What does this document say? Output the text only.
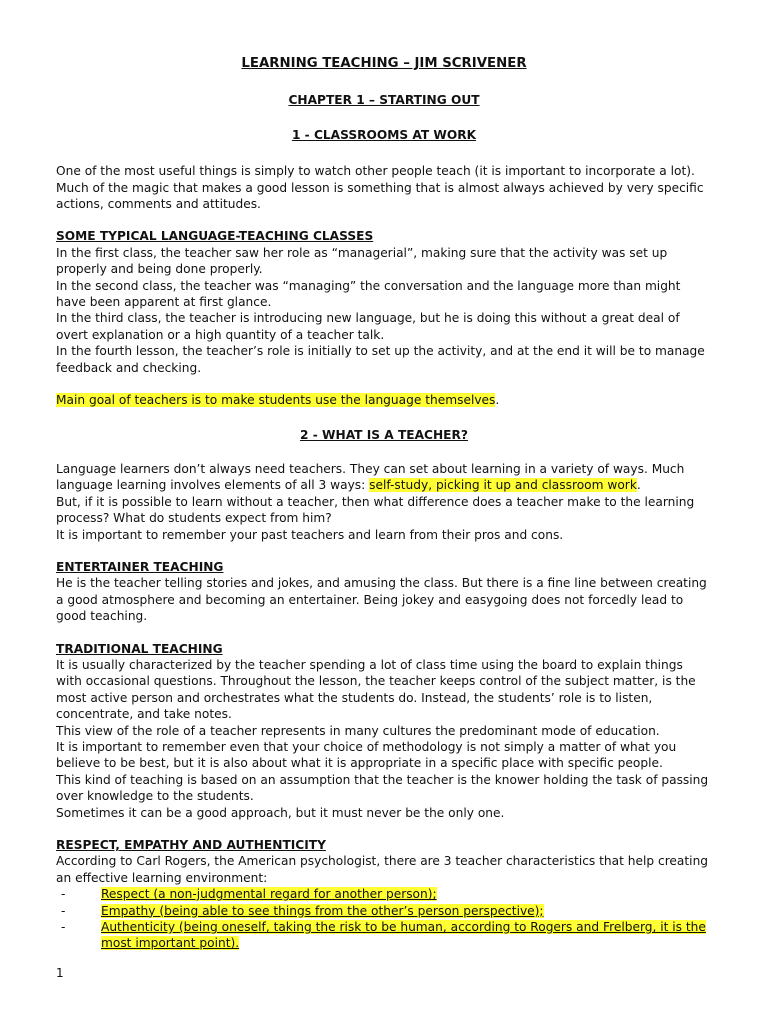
LEARNING TEACHING – JIM SCRIVENER

CHAPTER 1 – STARTING OUT

1 - CLASSROOMS AT WORK

One of the most useful things is simply to watch other people teach (it is important to incorporate a lot). Much of the magic that makes a good lesson is something that is almost always achieved by very specific actions, comments and attitudes.

SOME TYPICAL LANGUAGE-TEACHING CLASSES

In the first class, the teacher saw her role as “managerial”, making sure that the activity was set up properly and being done properly.

In the second class, the teacher was “managing” the conversation and the language more than might have been apparent at first glance.

In the third class, the teacher is introducing new language, but he is doing this without a great deal of overt explanation or a high quantity of a teacher talk.

In the fourth lesson, the teacher’s role is initially to set up the activity, and at the end it will be to manage feedback and checking.

Main goal of teachers is to make students use the language themselves.

2 - WHAT IS A TEACHER?

Language learners don’t always need teachers. They can set about learning in a variety of ways. Much language learning involves elements of all 3 ways: self-study, picking it up and classroom work.

But, if it is possible to learn without a teacher, then what difference does a teacher make to the learning process? What do students expect from him?

It is important to remember your past teachers and learn from their pros and cons.

ENTERTAINER TEACHING

He is the teacher telling stories and jokes, and amusing the class. But there is a fine line between creating a good atmosphere and becoming an entertainer. Being jokey and easygoing does not forcedly lead to good teaching.

TRADITIONAL TEACHING

It is usually characterized by the teacher spending a lot of class time using the board to explain things with occasional questions. Throughout the lesson, the teacher keeps control of the subject matter, is the most active person and orchestrates what the students do. Instead, the students’ role is to listen, concentrate, and take notes.

This view of the role of a teacher represents in many cultures the predominant mode of education.

It is important to remember even that your choice of methodology is not simply a matter of what you believe to be best, but it is also about what it is appropriate in a specific place with specific people.

This kind of teaching is based on an assumption that the teacher is the knower holding the task of passing over knowledge to the students.

Sometimes it can be a good approach, but it must never be the only one.

RESPECT, EMPATHY AND AUTHENTICITY

According to Carl Rogers, the American psychologist, there are 3 teacher characteristics that help creating an effective learning environment:

-	Respect (a non-judgmental regard for another person);
-	Empathy (being able to see things from the other’s person perspective);
-	Authenticity (being oneself, taking the risk to be human, according to Rogers and Frelberg, it is the most important point).
1
